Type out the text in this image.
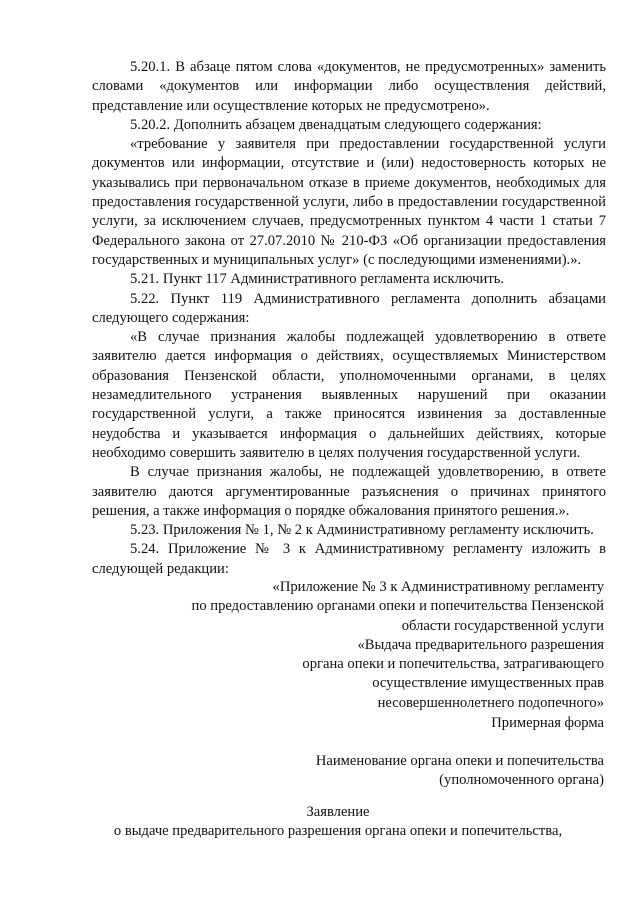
5.20.1. В абзаце пятом слова «документов, не предусмотренных» заменить словами «документов или информации либо осуществления действий, представление или осуществление которых не предусмотрено».

5.20.2. Дополнить абзацем двенадцатым следующего содержания:

«требование у заявителя при предоставлении государственной услуги документов или информации, отсутствие и (или) недостоверность которых не указывались при первоначальном отказе в приеме документов, необходимых для предоставления государственной услуги, либо в предоставлении государственной услуги, за исключением случаев, предусмотренных пунктом 4 части 1 статьи 7 Федерального закона от 27.07.2010 № 210-ФЗ «Об организации предоставления государственных и муниципальных услуг» (с последующими изменениями).».

5.21. Пункт 117 Административного регламента исключить.

5.22. Пункт 119 Административного регламента дополнить абзацами следующего содержания:

«В случае признания жалобы подлежащей удовлетворению в ответе заявителю дается информация о действиях, осуществляемых Министерством образования Пензенской области, уполномоченными органами, в целях незамедлительного устранения выявленных нарушений при оказании государственной услуги, а также приносятся извинения за доставленные неудобства и указывается информация о дальнейших действиях, которые необходимо совершить заявителю в целях получения государственной услуги.

В случае признания жалобы, не подлежащей удовлетворению, в ответе заявителю даются аргументированные разъяснения о причинах принятого решения, а также информация о порядке обжалования принятого решения.».

5.23. Приложения № 1, № 2 к Административному регламенту исключить.

5.24. Приложение № 3 к Административному регламенту изложить в следующей редакции:

«Приложение № 3 к Административному регламенту
по предоставлению органами опеки и попечительства Пензенской
области государственной услуги
«Выдача предварительного разрешения
органа опеки и попечительства, затрагивающего
осуществление имущественных прав
несовершеннолетнего подопечного»
Примерная форма
Наименование органа опеки и попечительства
(уполномоченного органа)
Заявление
о выдаче предварительного разрешения органа опеки и попечительства,
